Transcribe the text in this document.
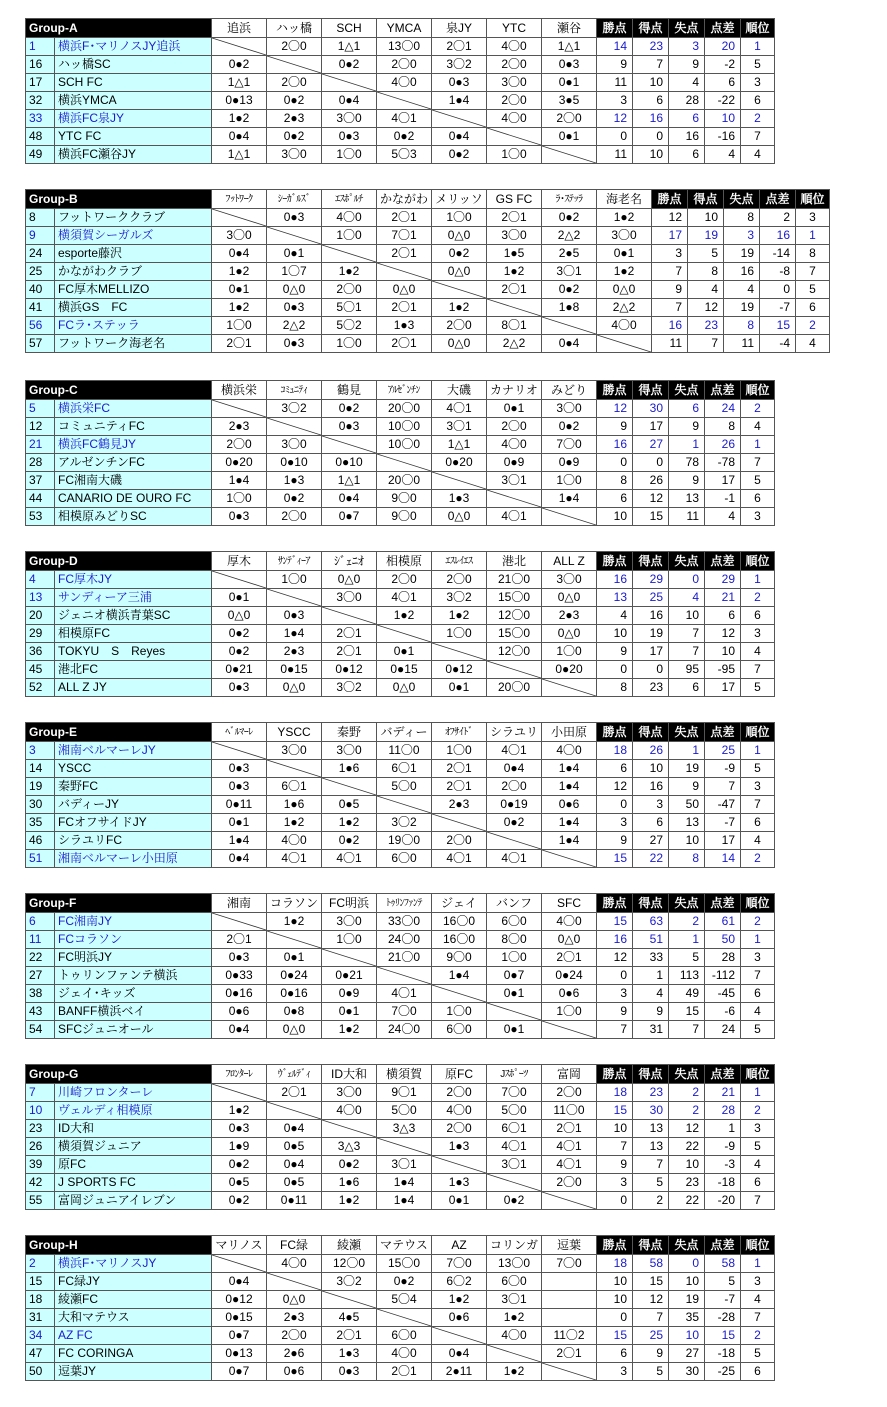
Group-A		追浜	ハッ橋	SCH	YMCA	泉JY	YTC	瀬谷	勝点	得点	失点	点差	順位
1	横浜F･マリノスJY追浜		2〇0	1△1	13〇0	2〇1	4〇0	1△1	14	23	3	20	1
16	ハッ橋SC	0●2		0●2	2〇0	3〇2	2〇0	0●3	9	7	9	-2	5
17	SCH FC	1△1	2〇0		4〇0	0●3	3〇0	0●1	11	10	4	6	3
32	横浜YMCA	0●13	0●2	0●4		1●4	2〇0	3●5	3	6	28	-22	6
33	横浜FC泉JY	1●2	2●3	3〇0	4〇1		4〇0	2〇0	12	16	6	10	2
48	YTC FC	0●4	0●2	0●3	0●2	0●4		0●1	0	0	16	-16	7
49	横浜FC瀬谷JY	1△1	3〇0	1〇0	5〇3	0●2	1〇0		11	10	6	4	4
Group-B		ﾌｯﾄﾜｰｸ	ｼｰｶﾞﾙｽﾞ	ｴｽﾎﾟﾙﾁ	かながわ	メリッソ	GS FC	ﾗ･ｽﾃｯﾗ	海老名	勝点	得点	失点	点差	順位
8	フットワーククラブ		0●3	4〇0	2〇1	1〇0	2〇1	0●2	1●2	12	10	8	2	3
9	横須賀シーガルズ	3〇0		1〇0	7〇1	0△0	3〇0	2△2	3〇0	17	19	3	16	1
24	esporte藤沢	0●4	0●1		2〇1	0●2	1●5	2●5	0●1	3	5	19	-14	8
25	かながわクラブ	1●2	1〇7	1●2		0△0	1●2	3〇1	1●2	7	8	16	-8	7
40	FC厚木MELLIZO	0●1	0△0	2〇0	0△0		2〇1	0●2	0△0	9	4	4	0	5
41	横浜GS　FC	1●2	0●3	5〇1	2〇1	1●2		1●8	2△2	7	12	19	-7	6
56	FCラ･ステッラ	1〇0	2△2	5〇2	1●3	2〇0	8〇1		4〇0	16	23	8	15	2
57	フットワーク海老名	2〇1	0●3	1〇0	2〇1	0△0	2△2	0●4		11	7	11	-4	4
Group-C		横浜栄	ｺﾐｭﾆﾃｨ	鶴見	ｱﾙｾﾞﾝﾁﾝ	大磯	カナリオ	みどり	勝点	得点	失点	点差	順位
5	横浜栄FC		3〇2	0●2	20〇0	4〇1	0●1	3〇0	12	30	6	24	2
12	コミュニティFC	2●3		0●3	10〇0	3〇1	2〇0	0●2	9	17	9	8	4
21	横浜FC鶴見JY	2〇0	3〇0		10〇0	1△1	4〇0	7〇0	16	27	1	26	1
28	アルゼンチンFC	0●20	0●10	0●10		0●20	0●9	0●9	0	0	78	-78	7
37	FC湘南大磯	1●4	1●3	1△1	20〇0		3〇1	1〇0	8	26	9	17	5
44	CANARIO DE OURO FC	1〇0	0●2	0●4	9〇0	1●3		1●4	6	12	13	-1	6
53	相模原みどりSC	0●3	2〇0	0●7	9〇0	0△0	4〇1		10	15	11	4	3
Group-D		厚木	ｻﾝﾃﾞｨｰｱ	ｼﾞｪﾆｵ	相模原	ｴｽﾚｲｴｽ	港北	ALL Z	勝点	得点	失点	点差	順位
4	FC厚木JY		1〇0	0△0	2〇0	2〇0	21〇0	3〇0	16	29	0	29	1
13	サンディーア三浦	0●1		3〇0	4〇1	3〇2	15〇0	0△0	13	25	4	21	2
20	ジェニオ横浜青葉SC	0△0	0●3		1●2	1●2	12〇0	2●3	4	16	10	6	6
29	相模原FC	0●2	1●4	2〇1		1〇0	15〇0	0△0	10	19	7	12	3
36	TOKYU　S　Reyes	0●2	2●3	2〇1	0●1		12〇0	1〇0	9	17	7	10	4
45	港北FC	0●21	0●15	0●12	0●15	0●12		0●20	0	0	95	-95	7
52	ALL Z JY	0●3	0△0	3〇2	0△0	0●1	20〇0		8	23	6	17	5
Group-E		ﾍﾞﾙﾏｰﾚ	YSCC	秦野	バディー	ｵﾌｻｲﾄﾞ	シラユリ	小田原	勝点	得点	失点	点差	順位
3	湘南ベルマーレJY		3〇0	3〇0	11〇0	1〇0	4〇1	4〇0	18	26	1	25	1
14	YSCC	0●3		1●6	6〇1	2〇1	0●4	1●4	6	10	19	-9	5
19	秦野FC	0●3	6〇1		5〇0	2〇1	2〇0	1●4	12	16	9	7	3
30	バディーJY	0●11	1●6	0●5		2●3	0●19	0●6	0	3	50	-47	7
35	FCオフサイドJY	0●1	1●2	1●2	3〇2		0●2	1●4	3	6	13	-7	6
46	シラユリFC	1●4	4〇0	0●2	19〇0	2〇0		1●4	9	27	10	17	4
51	湘南ベルマーレ小田原	0●4	4〇1	4〇1	6〇0	4〇1	4〇1		15	22	8	14	2
Group-F		湘南	コラソン	FC明浜	ﾄｩﾘﾝﾌｧﾝﾃ	ジェイ	バンフ	SFC	勝点	得点	失点	点差	順位
6	FC湘南JY		1●2	3〇0	33〇0	16〇0	6〇0	4〇0	15	63	2	61	2
11	FCコラソン	2〇1		1〇0	24〇0	16〇0	8〇0	0△0	16	51	1	50	1
22	FC明浜JY	0●3	0●1		21〇0	9〇0	1〇0	2〇1	12	33	5	28	3
27	トゥリンファンテ横浜	0●33	0●24	0●21		1●4	0●7	0●24	0	1	113	-112	7
38	ジェイ･キッズ	0●16	0●16	0●9	4〇1		0●1	0●6	3	4	49	-45	6
43	BANFF横浜ベイ	0●6	0●8	0●1	7〇0	1〇0		1〇0	9	9	15	-6	4
54	SFCジュニオール	0●4	0△0	1●2	24〇0	6〇0	0●1		7	31	7	24	5
Group-G		ﾌﾛﾝﾀｰﾚ	ｳﾞｪﾙﾃﾞｨ	ID大和	横須賀	原FC	Jｽﾎﾟｰﾂ	富岡	勝点	得点	失点	点差	順位
7	川崎フロンターレ		2〇1	3〇0	9〇1	2〇0	7〇0	2〇0	18	23	2	21	1
10	ヴェルディ相模原	1●2		4〇0	5〇0	4〇0	5〇0	11〇0	15	30	2	28	2
23	ID大和	0●3	0●4		3△3	2〇0	6〇1	2〇1	10	13	12	1	3
26	横須賀ジュニア	1●9	0●5	3△3		1●3	4〇1	4〇1	7	13	22	-9	5
39	原FC	0●2	0●4	0●2	3〇1		3〇1	4〇1	9	7	10	-3	4
42	J SPORTS FC	0●5	0●5	1●6	1●4	1●3		2〇0	3	5	23	-18	6
55	富岡ジュニアイレブン	0●2	0●11	1●2	1●4	0●1	0●2		0	2	22	-20	7
Group-H		マリノス	FC緑	綾瀬	マテウス	AZ	コリンガ	逗葉	勝点	得点	失点	点差	順位
2	横浜F･マリノスJY		4〇0	12〇0	15〇0	7〇0	13〇0	7〇0	18	58	0	58	1
15	FC緑JY	0●4		3〇2	0●2	6〇2	6〇0		10	15	10	5	3
18	綾瀬FC	0●12	0△0		5〇4	1●2	3〇1		10	12	19	-7	4
31	大和マテウス	0●15	2●3	4●5		0●6	1●2		0	7	35	-28	7
34	AZ FC	0●7	2〇0	2〇1	6〇0		4〇0	11〇2	15	25	10	15	2
47	FC CORINGA	0●13	2●6	1●3	4〇0	0●4		2〇1	6	9	27	-18	5
50	逗葉JY	0●7	0●6	0●3	2〇1	2●11	1●2		3	5	30	-25	6
